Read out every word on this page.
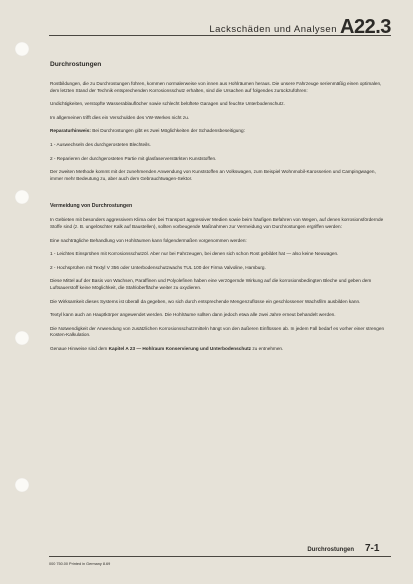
Lackschäden und Analysen A22.3
Durchrostungen

Rostbildungen, die zu Durchrostungen führen, kommen normalerweise von innen aus Hohlräumen heraus. Die unsere Fahrzeuge serienmäßig einen optimalen, dem letzten Stand der Technik entsprechenden Korrosionsschutz erhalten, sind die Ursachen auf folgendes zurückzuführen:

Undichtigkeiten, verstopfte Wasserablauflöcher sowie schlecht belüftete Garagen und feuchte Unterbodenschutz.

Im allgemeinen trifft dies ein Verschulden des VW-Werkes nicht zu.

Reparaturhinweis: Bei Durchrostungen gibt es zwei Möglichkeiten der Schadensbeseitigung:

1 - Auswechseln des durchgerosteten Blechteils.

2 - Reparieren der durchgerosteten Partie mit glasfaserverstärkten Kunststoffen.

Der zweiten Methode kommt mit der zunehmenden Anwendung von Kunststoffen an Volkswagen, zum Beispiel Wohnmobil-Karosserien und Campingwagen, immer mehr Bedeutung zu, aber auch dem Gebrauchtwagen-Sektor.

Vermeidung von Durchrostungen

In Gebieten mit besonders aggressivem Klima oder bei Transport aggressiver Medien sowie beim häufigen Befahren von Wegen, auf denen korrosionsfördernde Stoffe sind (z. B. ungelöschter Kalk auf Baustellen), sollten vorbeugende Maßnahmen zur Vermeidung von Durchrostungen ergriffen werden:

Eine nachträgliche Behandlung von Hohlräumen kann folgendermaßen vorgenommen werden:

1 - Leichtes Einsprühen mit Korrosionsschutzöl. Aber nur bei Fahrzeugen, bei denen sich schon Rost gebildet hat — also keine Neuwagen.

2 - Hochsprühen mit Textyl V 356 oder Unterbodenschutzwachs TUL 100 der Firma Valvoline, Hamburg.

Diese Mittel auf der Basis von Wachsen, Paraffinen und Polyolefinen haben eine verzögernde Wirkung auf die korrosionsbedingten Bleche und geben dem Luftsauerstoff keine Möglichkeit, die Stahloberfläche weiter zu oxydieren.

Die Wirksamkeit dieses Systems ist überall da gegeben, wo sich durch entsprechende Mengenzuflüsse ein geschlossener Wachsfilm ausbilden kann.

Textyl kann auch an Hauptkörper angewendet werden. Die Hohlräume sollten dann jedoch etwa alle zwei Jahre erneut behandelt werden.

Die Notwendigkeit der Anwendung von zusätzlichen Korrosionsschutzmitteln hängt von den äußeren Einflüssen ab. In jedem Fall bedarf es vorher einer strengen Kosten-Kalkulation.

Genaue Hinweise sind dem Kapitel A 23 — Hohlraum Konservierung und Unterbodenschutz zu entnehmen.

Durchrostungen 7-1
000 750.00 Printed in Germany 8.69
